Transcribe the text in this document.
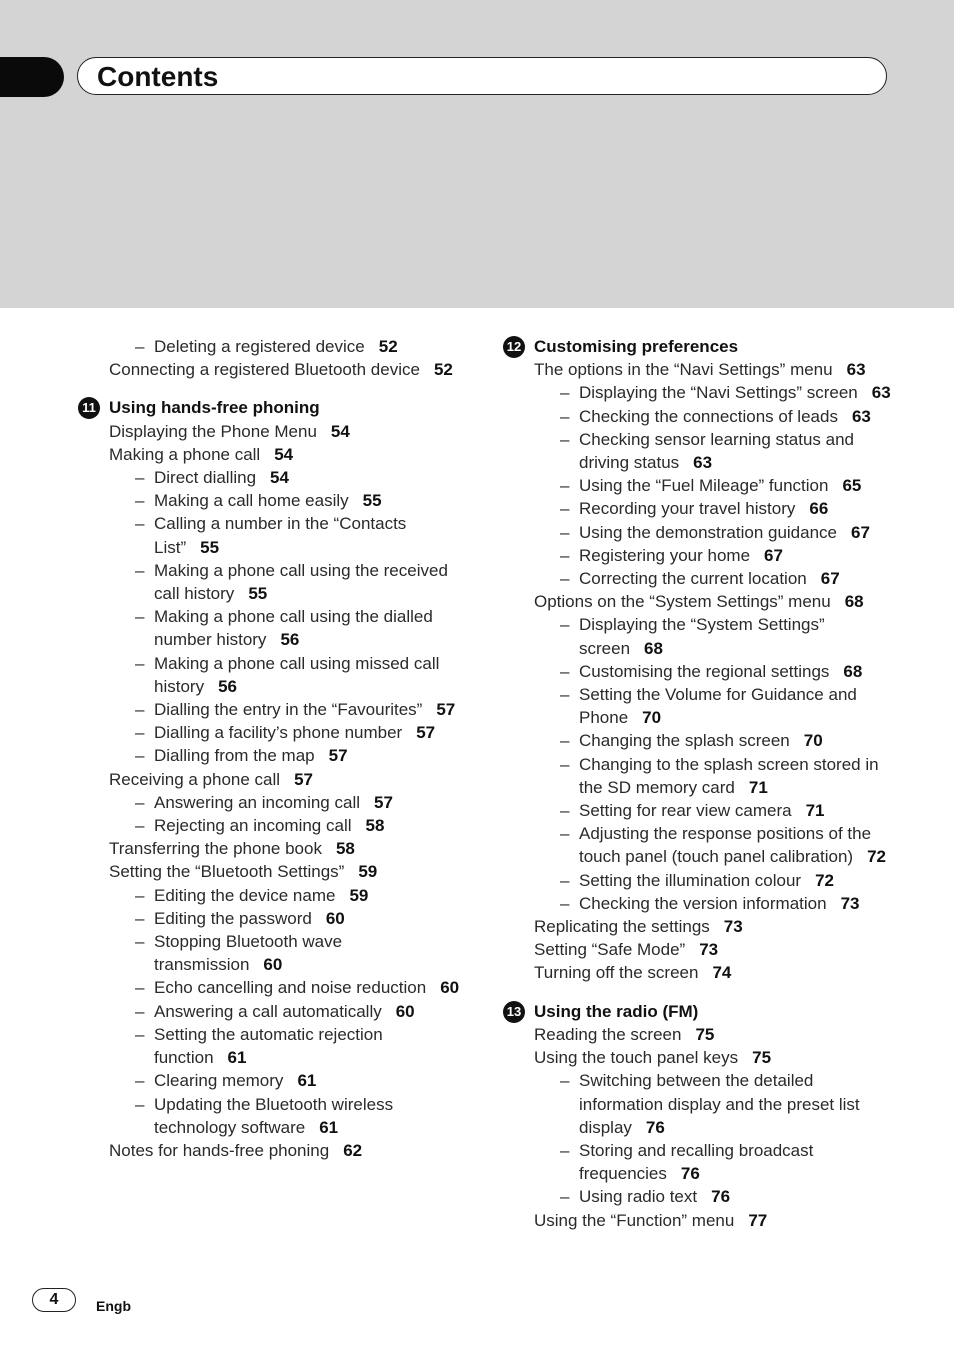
Contents
– Deleting a registered device 52
Connecting a registered Bluetooth device 52
11 Using hands-free phoning
Displaying the Phone Menu 54
Making a phone call 54
– Direct dialling 54
– Making a call home easily 55
– Calling a number in the “Contacts List” 55
– Making a phone call using the received call history 55
– Making a phone call using the dialled number history 56
– Making a phone call using missed call history 56
– Dialling the entry in the “Favourites” 57
– Dialling a facility’s phone number 57
– Dialling from the map 57
Receiving a phone call 57
– Answering an incoming call 57
– Rejecting an incoming call 58
Transferring the phone book 58
Setting the “Bluetooth Settings” 59
– Editing the device name 59
– Editing the password 60
– Stopping Bluetooth wave transmission 60
– Echo cancelling and noise reduction 60
– Answering a call automatically 60
– Setting the automatic rejection function 61
– Clearing memory 61
– Updating the Bluetooth wireless technology software 61
Notes for hands-free phoning 62
12 Customising preferences
The options in the “Navi Settings” menu 63
– Displaying the “Navi Settings” screen 63
– Checking the connections of leads 63
– Checking sensor learning status and driving status 63
– Using the “Fuel Mileage” function 65
– Recording your travel history 66
– Using the demonstration guidance 67
– Registering your home 67
– Correcting the current location 67
Options on the “System Settings” menu 68
– Displaying the “System Settings” screen 68
– Customising the regional settings 68
– Setting the Volume for Guidance and Phone 70
– Changing the splash screen 70
– Changing to the splash screen stored in the SD memory card 71
– Setting for rear view camera 71
– Adjusting the response positions of the touch panel (touch panel calibration) 72
– Setting the illumination colour 72
– Checking the version information 73
Replicating the settings 73
Setting “Safe Mode” 73
Turning off the screen 74
13 Using the radio (FM)
Reading the screen 75
Using the touch panel keys 75
– Switching between the detailed information display and the preset list display 76
– Storing and recalling broadcast frequencies 76
– Using radio text 76
Using the “Function” menu 77
4	Engb
